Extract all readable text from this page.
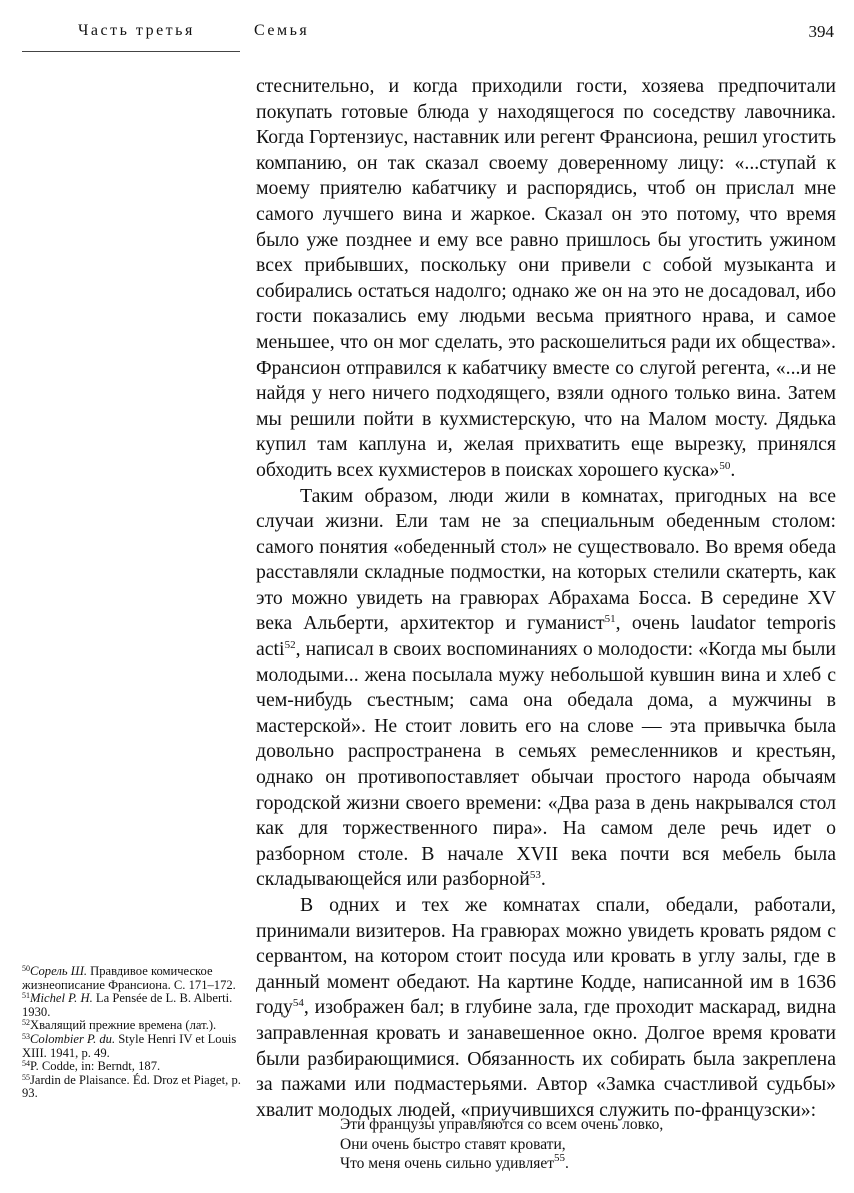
Часть третья	Семья	394

стеснительно, и когда приходили гости, хозяева предпочитали покупать готовые блюда у находящегося по соседству лавочника. Когда Гортензиус, наставник или регент Франсиона, решил угостить компанию, он так сказал своему доверенному лицу: «...ступай к моему приятелю кабатчику и распорядись, чтоб он прислал мне самого лучшего вина и жаркое. Сказал он это потому, что время было уже позднее и ему все равно пришлось бы угостить ужином всех прибывших, поскольку они привели с собой музыканта и собирались остаться надолго; однако же он на это не досадовал, ибо гости показались ему людьми весьма приятного нрава, и самое меньшее, что он мог сделать, это раскошелиться ради их общества». Франсион отправился к кабатчику вместе со слугой регента, «...и не найдя у него ничего подходящего, взяли одного только вина. Затем мы решили пойти в кухмистерскую, что на Малом мосту. Дядька купил там каплуна и, желая прихватить еще вырезку, принялся обходить всех кухмистеров в поисках хорошего куска»$^{50}$.

Таким образом, люди жили в комнатах, пригодных на все случаи жизни. Ели там не за специальным обеденным столом: самого понятия «обеденный стол» не существовало. Во время обеда расставляли складные подмостки, на которых стелили скатерть, как это можно увидеть на гравюрах Абрахама Босса. В середине XV века Альберти, архитектор и гуманист$^{51}$, очень laudator temporis acti$^{52}$, написал в своих воспоминаниях о молодости: «Когда мы были молодыми... жена посылала мужу небольшой кувшин вина и хлеб с чем-нибудь съестным; сама она обедала дома, а мужчины в мастерской». Не стоит ловить его на слове — эта привычка была довольно распространена в семьях ремесленников и крестьян, однако он противопоставляет обычаи простого народа обычаям городской жизни своего времени: «Два раза в день накрывался стол как для торжественного пира». На самом деле речь идет о разборном столе. В начале XVII века почти вся мебель была складывающейся или разборной$^{53}$.

В одних и тех же комнатах спали, обедали, работали, принимали визитеров. На гравюрах можно увидеть кровать рядом с сервантом, на котором стоит посуда или кровать в углу залы, где в данный момент обедают. На картине Кодде, написанной им в 1636 году$^{54}$, изображен бал; в глубине зала, где проходит маскарад, видна заправленная кровать и занавешенное окно. Долгое время кровати были разбирающимися. Обязанность их собирать была закреплена за пажами или подмастерьями. Автор «Замка счастливой судьбы» хвалит молодых людей, «приучившихся служить по-французски»:

Эти французы управляются со всем очень ловко,
Они очень быстро ставят кровати,
Что меня очень сильно удивляет$^{55}$.
$^{50}$Сорель Ш. Правдивое комическое жизнеописание Франсиона. С. 171–172.
$^{51}$Michel P. H. La Pensée de L. B. Alberti. 1930.
$^{52}$Хвалящий прежние времена (лат.).
$^{53}$Colombier P. du. Style Henri IV et Louis XIII. 1941, p. 49.
$^{54}$P. Codde, in: Berndt, 187.
$^{55}$Jardin de Plaisance. Éd. Droz et Piaget, p. 93.
